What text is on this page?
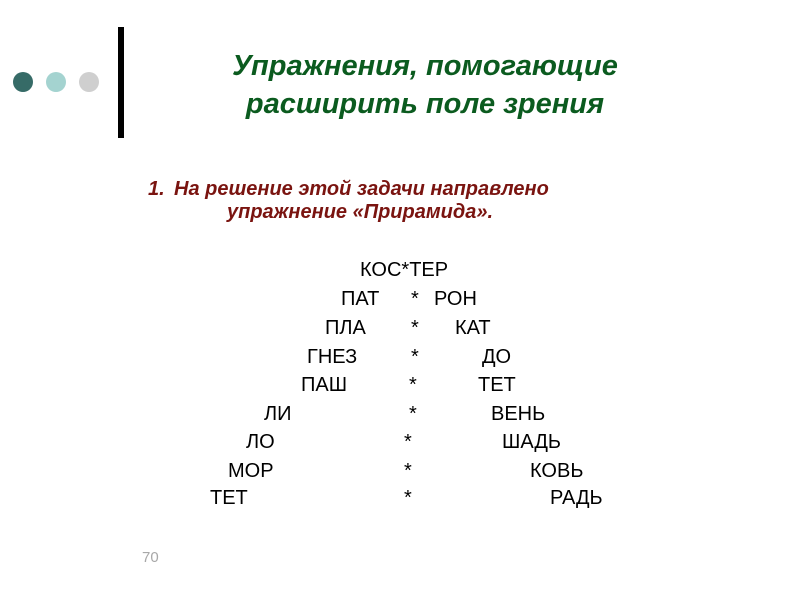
Упражнения, помогающие
расширить поле зрения

1. На решение этой задачи направлено
упражнение «Прирамида».

КОС*ТЕР
ПАТ * РОН
ПЛА * КАТ
ГНЕЗ	*	ДО
ПАШ	*	ТЕТ
ЛИ	*	ВЕНЬ
ЛО	*	ШАДЬ
МОР	*	КОВЬ
ТЕТ	*	РАДЬ
70
